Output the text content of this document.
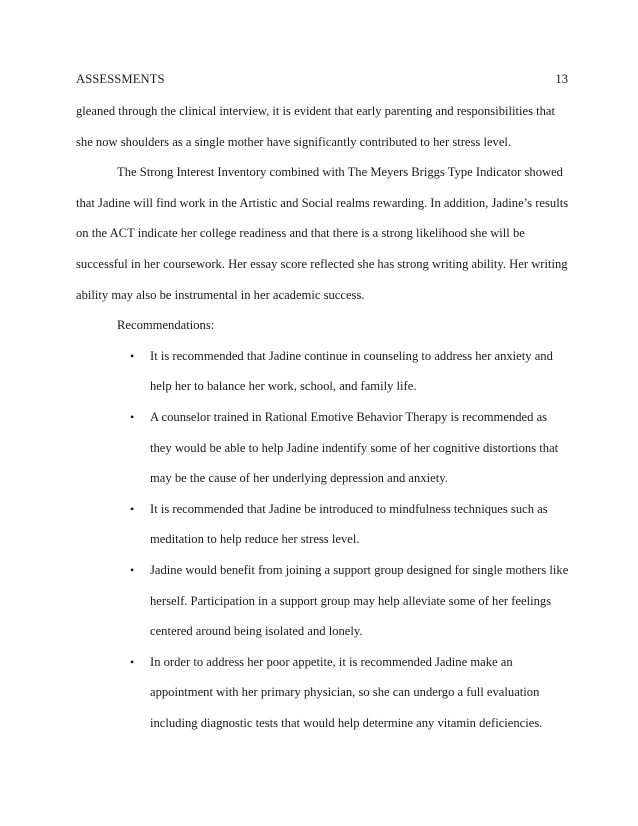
ASSESSMENTS	13
gleaned through the clinical interview, it is evident that early parenting and responsibilities that
she now shoulders as a single mother have significantly contributed to her stress level.
The Strong Interest Inventory combined with The Meyers Briggs Type Indicator showed
that Jadine will find work in the Artistic and Social realms rewarding. In addition, Jadine’s results
on the ACT indicate her college readiness and that there is a strong likelihood she will be
successful in her coursework. Her essay score reflected she has strong writing ability. Her writing
ability may also be instrumental in her academic success.
Recommendations:
• It is recommended that Jadine continue in counseling to address her anxiety and
help her to balance her work, school, and family life.
• A counselor trained in Rational Emotive Behavior Therapy is recommended as
they would be able to help Jadine indentify some of her cognitive distortions that
may be the cause of her underlying depression and anxiety.
• It is recommended that Jadine be introduced to mindfulness techniques such as
meditation to help reduce her stress level.
• Jadine would benefit from joining a support group designed for single mothers like
herself. Participation in a support group may help alleviate some of her feelings
centered around being isolated and lonely.
• In order to address her poor appetite, it is recommended Jadine make an
appointment with her primary physician, so she can undergo a full evaluation
including diagnostic tests that would help determine any vitamin deficiencies.
